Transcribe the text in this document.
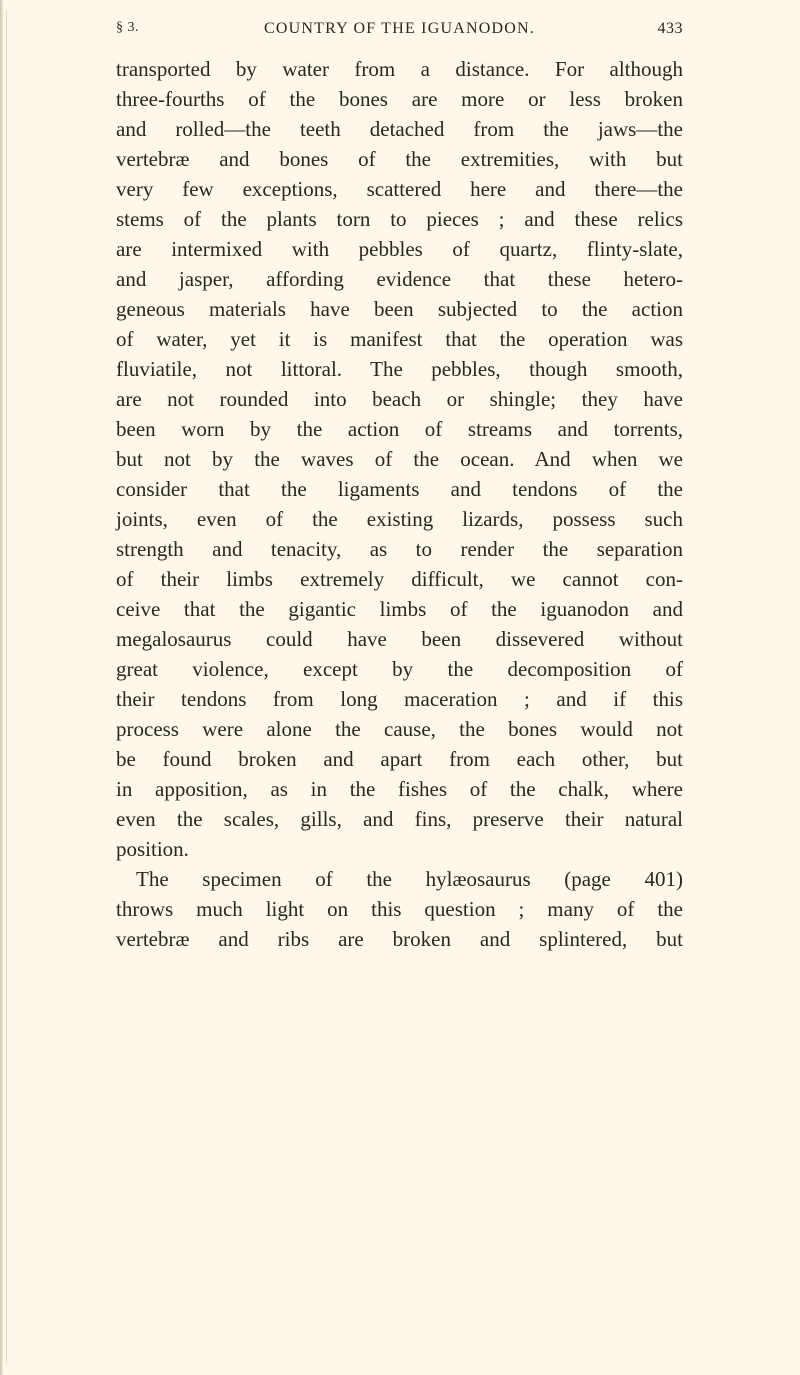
§ 3.	COUNTRY OF THE IGUANODON.	433
transported by water from a distance. For although
three-fourths of the bones are more or less broken
and rolled—the teeth detached from the jaws—the
vertebræ and bones of the extremities, with but
very few exceptions, scattered here and there—the
stems of the plants torn to pieces ; and these relics
are intermixed with pebbles of quartz, flinty-slate,
and jasper, affording evidence that these hetero-
geneous materials have been subjected to the action
of water, yet it is manifest that the operation was
fluviatile, not littoral. The pebbles, though smooth,
are not rounded into beach or shingle; they have
been worn by the action of streams and torrents,
but not by the waves of the ocean. And when we
consider that the ligaments and tendons of the
joints, even of the existing lizards, possess such
strength and tenacity, as to render the separation
of their limbs extremely difficult, we cannot con-
ceive that the gigantic limbs of the iguanodon and
megalosaurus could have been dissevered without
great violence, except by the decomposition of
their tendons from long maceration ; and if this
process were alone the cause, the bones would not
be found broken and apart from each other, but
in apposition, as in the fishes of the chalk, where
even the scales, gills, and fins, preserve their natural
position.
The specimen of the hylæosaurus (page 401)
throws much light on this question ; many of the
vertebræ and ribs are broken and splintered, but
